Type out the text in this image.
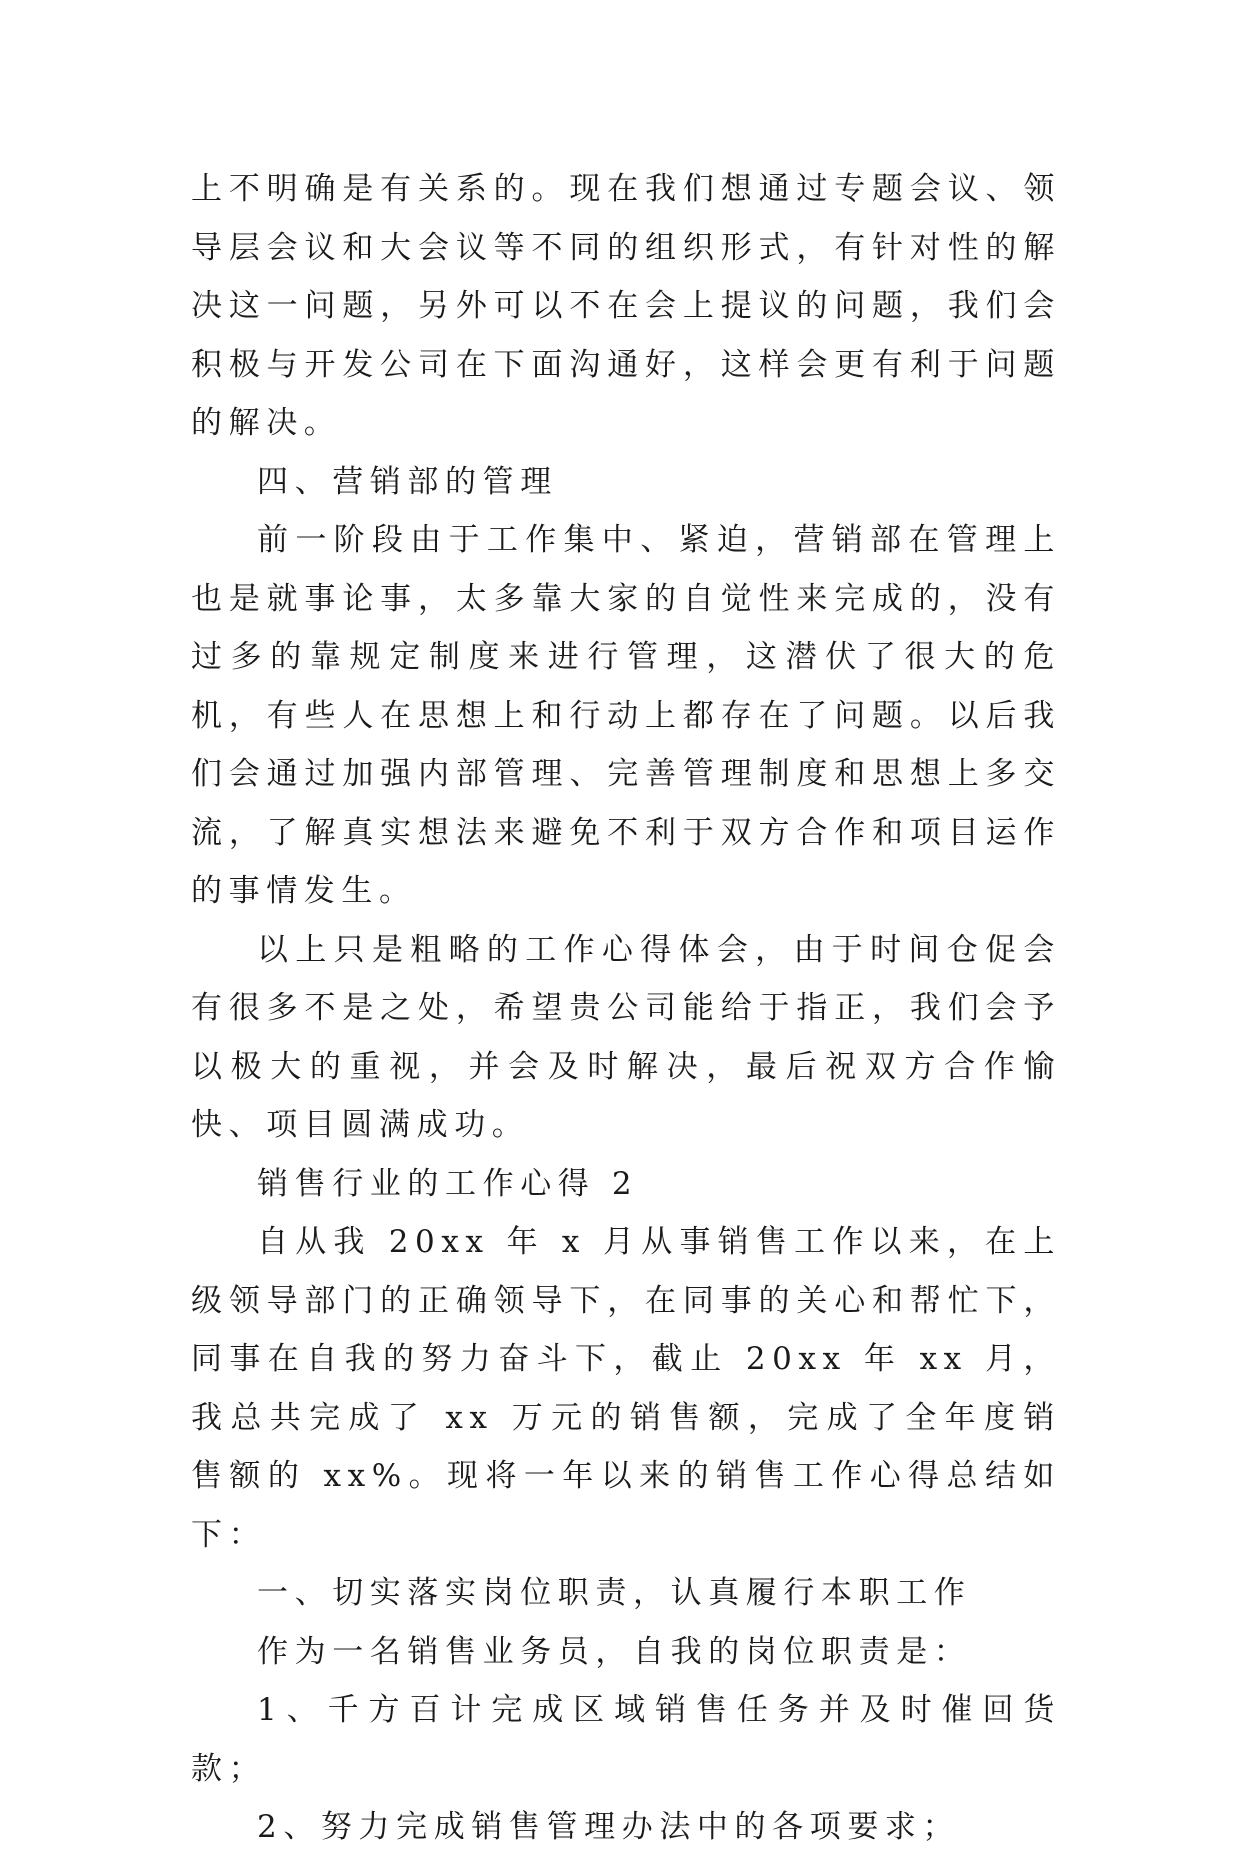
上不明确是有关系的。现在我们想通过专题会议、领导层会议和大会议等不同的组织形式，有针对性的解决这一问题，另外可以不在会上提议的问题，我们会积极与开发公司在下面沟通好，这样会更有利于问题的解决。

四、营销部的管理

前一阶段由于工作集中、紧迫，营销部在管理上也是就事论事，太多靠大家的自觉性来完成的，没有过多的靠规定制度来进行管理，这潜伏了很大的危机，有些人在思想上和行动上都存在了问题。以后我们会通过加强内部管理、完善管理制度和思想上多交流，了解真实想法来避免不利于双方合作和项目运作的事情发生。

以上只是粗略的工作心得体会，由于时间仓促会有很多不是之处，希望贵公司能给于指正，我们会予以极大的重视，并会及时解决，最后祝双方合作愉快、项目圆满成功。

销售行业的工作心得 2

自从我 20xx 年 x 月从事销售工作以来，在上级领导部门的正确领导下，在同事的关心和帮忙下，同事在自我的努力奋斗下，截止 20xx 年 xx 月，我总共完成了 xx 万元的销售额，完成了全年度销售额的 xx%。现将一年以来的销售工作心得总结如下：

一、切实落实岗位职责，认真履行本职工作

作为一名销售业务员，自我的岗位职责是：

1、千方百计完成区域销售任务并及时催回货款；

2、努力完成销售管理办法中的各项要求；
